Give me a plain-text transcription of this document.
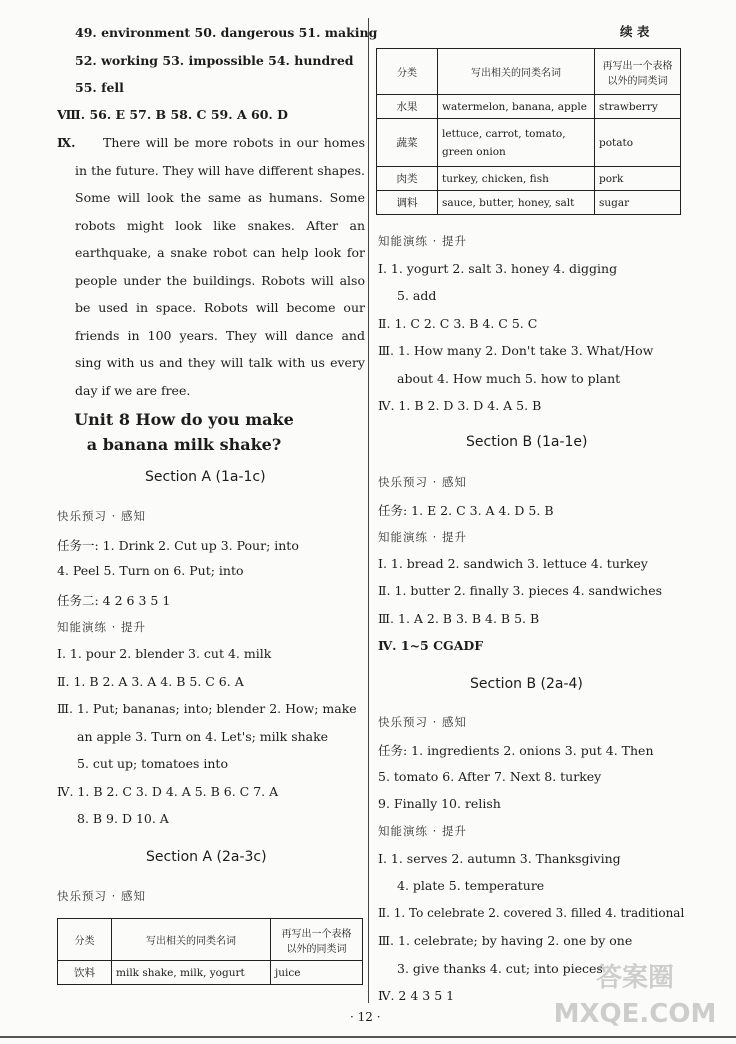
49. environment 50. dangerous 51. making
52. working 53. impossible 54. hundred
55. fell
Ⅷ. 56. E 57. B 58. C 59. A 60. D
Ⅸ.	There will be more robots in our homes in the future. They will have different shapes. Some will look the same as humans. Some robots might look like snakes. After an earthquake, a snake robot can help look for people under the buildings. Robots will also be used in space. Robots will become our friends in 100 years. They will dance and sing with us and they will talk with us every day if we are free.
Unit 8 How do you make
a banana milk shake?
Section A (1a-1c)
快乐预习 · 感知
任务一: 1. Drink 2. Cut up 3. Pour; into
4. Peel 5. Turn on 6. Put; into
任务二: 4 2 6 3 5 1
知能演练 · 提升
Ⅰ. 1. pour 2. blender 3. cut 4. milk
Ⅱ. 1. B 2. A 3. A 4. B 5. C 6. A
Ⅲ. 1. Put; bananas; into; blender 2. How; make
an apple 3. Turn on 4. Let's; milk shake
5. cut up; tomatoes into
Ⅳ. 1. B 2. C 3. D 4. A 5. B 6. C 7. A
8. B 9. D 10. A
Section A (2a-3c)
快乐预习 · 感知
分类	写出相关的同类名词	再写出一个表格
以外的同类词

饮料	milk shake, milk, yogurt	juice
续 表
分类	写出相关的同类名词	再写出一个表格
以外的同类词

水果	watermelon, banana, apple	strawberry
蔬菜	lettuce, carrot, tomato,
green onion	potato
肉类	turkey, chicken, fish	pork
调料	sauce, butter, honey, salt	sugar
知能演练 · 提升
Ⅰ. 1. yogurt 2. salt 3. honey 4. digging
5. add
Ⅱ. 1. C 2. C 3. B 4. C 5. C
Ⅲ. 1. How many 2. Don't take 3. What/How
about 4. How much 5. how to plant
Ⅳ. 1. B 2. D 3. D 4. A 5. B
Section B (1a-1e)
快乐预习 · 感知
任务: 1. E 2. C 3. A 4. D 5. B
知能演练 · 提升
Ⅰ. 1. bread 2. sandwich 3. lettuce 4. turkey
Ⅱ. 1. butter 2. finally 3. pieces 4. sandwiches
Ⅲ. 1. A 2. B 3. B 4. B 5. B
Ⅳ. 1~5 CGADF
Section B (2a-4)
快乐预习 · 感知
任务: 1. ingredients 2. onions 3. put 4. Then
5. tomato 6. After 7. Next 8. turkey
9. Finally 10. relish
知能演练 · 提升
Ⅰ. 1. serves 2. autumn 3. Thanksgiving
4. plate 5. temperature
Ⅱ. 1. To celebrate 2. covered 3. filled 4. traditional
Ⅲ. 1. celebrate; by having 2. one by one
3. give thanks 4. cut; into pieces
Ⅳ. 2 4 3 5 1
· 12 ·
答案圈 MXQE.COM
